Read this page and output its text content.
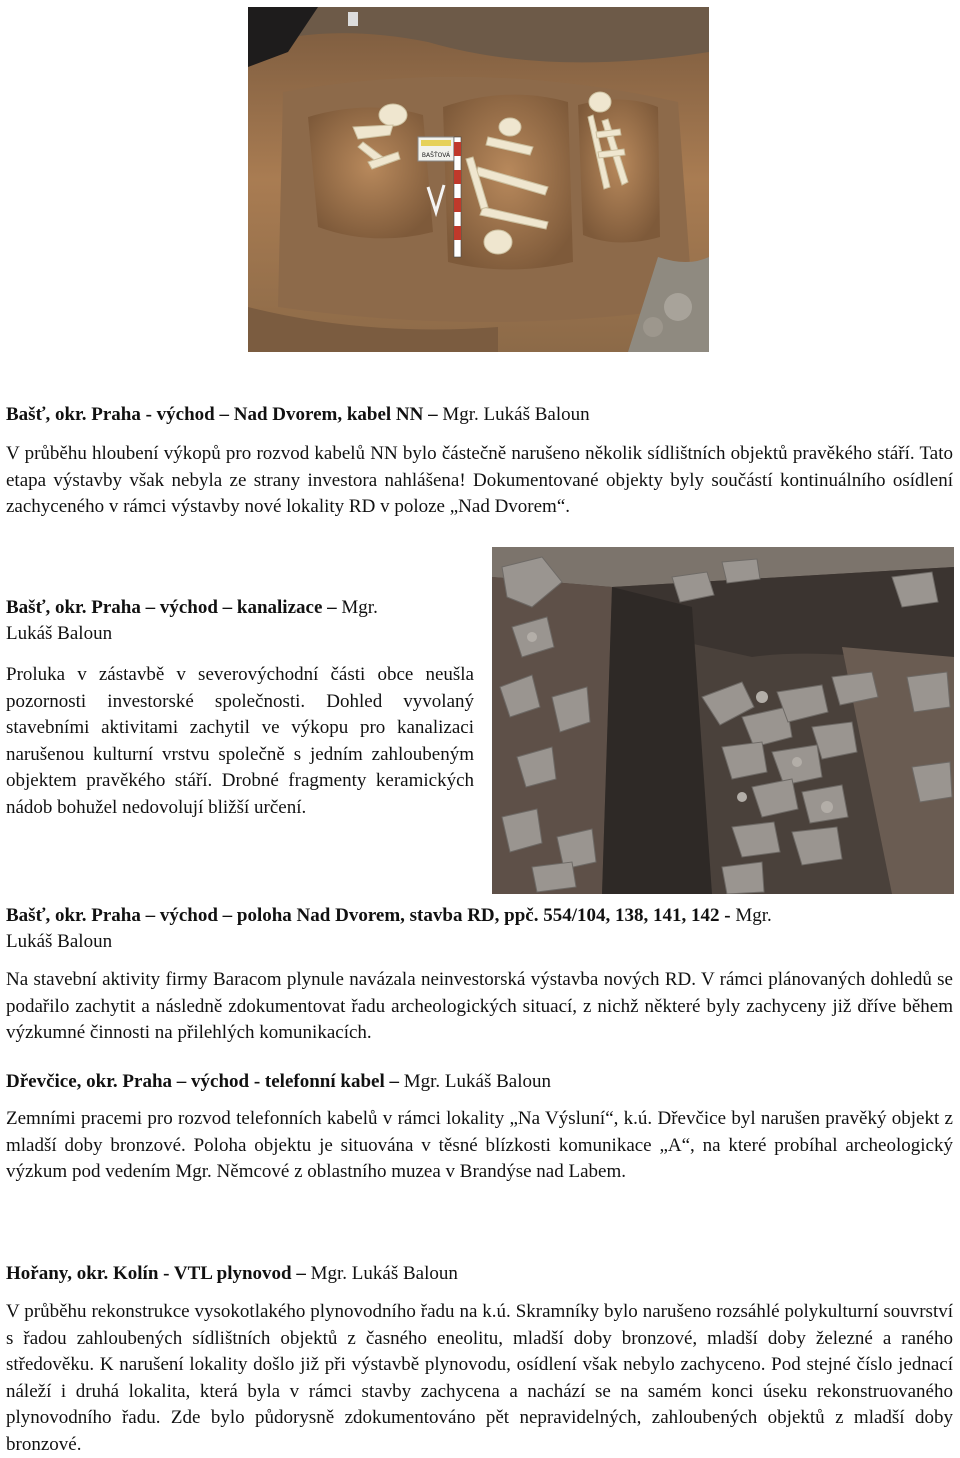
BAŠŤOVÁ

Bašť, okr. Praha - východ – Nad Dvorem, kabel NN – Mgr. Lukáš Baloun

V průběhu hloubení výkopů pro rozvod kabelů NN bylo částečně narušeno několik sídlištních objektů pravěkého stáří. Tato etapa výstavby však nebyla ze strany investora nahlášena! Dokumentované objekty byly součástí kontinuálního osídlení zachyceného v rámci výstavby nové lokality RD v poloze „Nad Dvorem“.

Bašť, okr. Praha – východ – kanalizace – Mgr.
Lukáš Baloun

Proluka v zástavbě v severovýchodní části obce neušla pozornosti investorské společnosti. Dohled vyvolaný stavebními aktivitami zachytil ve výkopu pro kanalizaci narušenou kulturní vrstvu společně s jedním zahloubeným objektem pravěkého stáří. Drobné fragmenty keramických nádob bohužel nedovolují bližší určení.

Bašť, okr. Praha – východ – poloha Nad Dvorem, stavba RD, ppč. 554/104, 138, 141, 142 - Mgr.
Lukáš Baloun

Na stavební aktivity firmy Baracom plynule navázala neinvestorská výstavba nových RD. V rámci plánovaných dohledů se podařilo zachytit a následně zdokumentovat řadu archeologických situací, z nichž některé byly zachyceny již dříve během výzkumné činnosti na přilehlých komunikacích.

Dřevčice, okr. Praha – východ - telefonní kabel – Mgr. Lukáš Baloun

Zemními pracemi pro rozvod telefonních kabelů v rámci lokality „Na Výsluní“, k.ú. Dřevčice byl narušen pravěký objekt z mladší doby bronzové. Poloha objektu je situována v těsné blízkosti komunikace „A“, na které probíhal archeologický výzkum pod vedením Mgr. Němcové z oblastního muzea v Brandýse nad Labem.

Hořany, okr. Kolín - VTL plynovod – Mgr. Lukáš Baloun

V průběhu rekonstrukce vysokotlakého plynovodního řadu na k.ú. Skramníky bylo narušeno rozsáhlé polykulturní souvrství s řadou zahloubených sídlištních objektů z časného eneolitu, mladší doby bronzové, mladší doby železné a raného středověku. K narušení lokality došlo již při výstavbě plynovodu, osídlení však nebylo zachyceno. Pod stejné číslo jednací náleží i druhá lokalita, která byla v rámci stavby zachycena a nachází se na samém konci úseku rekonstruovaného plynovodního řadu. Zde bylo půdorysně zdokumentováno pět nepravidelných, zahloubených objektů z mladší doby bronzové.
